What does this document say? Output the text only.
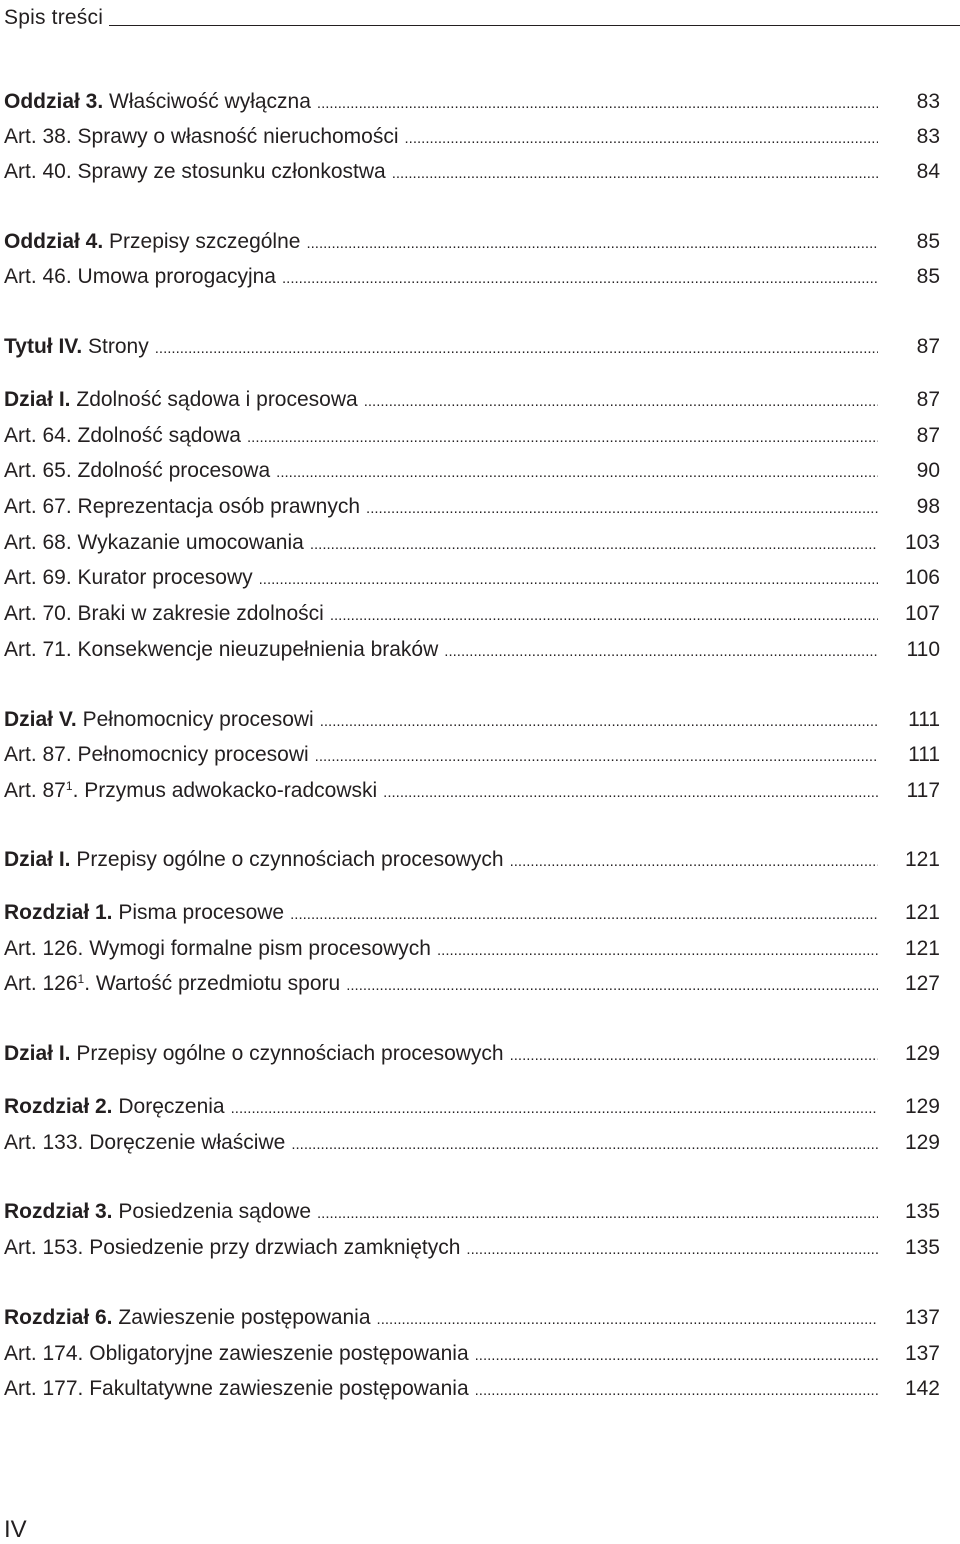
Spis treści
Oddział 3. Właściwość wyłączna .....	83
Art. 38. Sprawy o własność nieruchomości .....	83
Art. 40. Sprawy ze stosunku członkostwa .....	84
Oddział 4. Przepisy szczególne .....	85
Art. 46. Umowa prorogacyjna .....	85
Tytuł IV. Strony .....	87
Dział I. Zdolność sądowa i procesowa .....	87
Art. 64. Zdolność sądowa .....	87
Art. 65. Zdolność procesowa .....	90
Art. 67. Reprezentacja osób prawnych .....	98
Art. 68. Wykazanie umocowania .....	103
Art. 69. Kurator procesowy .....	106
Art. 70. Braki w zakresie zdolności .....	107
Art. 71. Konsekwencje nieuzupełnienia braków .....	110
Dział V. Pełnomocnicy procesowi .....	111
Art. 87. Pełnomocnicy procesowi .....	111
Art. $87^1$. Przymus adwokacko-radcowski .....	117
Dział I. Przepisy ogólne o czynnościach procesowych .....	121
Rozdział 1. Pisma procesowe .....	121
Art. 126. Wymogi formalne pism procesowych .....	121
Art. $126^1$. Wartość przedmiotu sporu .....	127
Dział I. Przepisy ogólne o czynnościach procesowych .....	129
Rozdział 2. Doręczenia .....	129
Art. 133. Doręczenie właściwe .....	129
Rozdział 3. Posiedzenia sądowe .....	135
Art. 153. Posiedzenie przy drzwiach zamkniętych .....	135
Rozdział 6. Zawieszenie postępowania .....	137
Art. 174. Obligatoryjne zawieszenie postępowania .....	137
Art. 177. Fakultatywne zawieszenie postępowania .....	142
IV
